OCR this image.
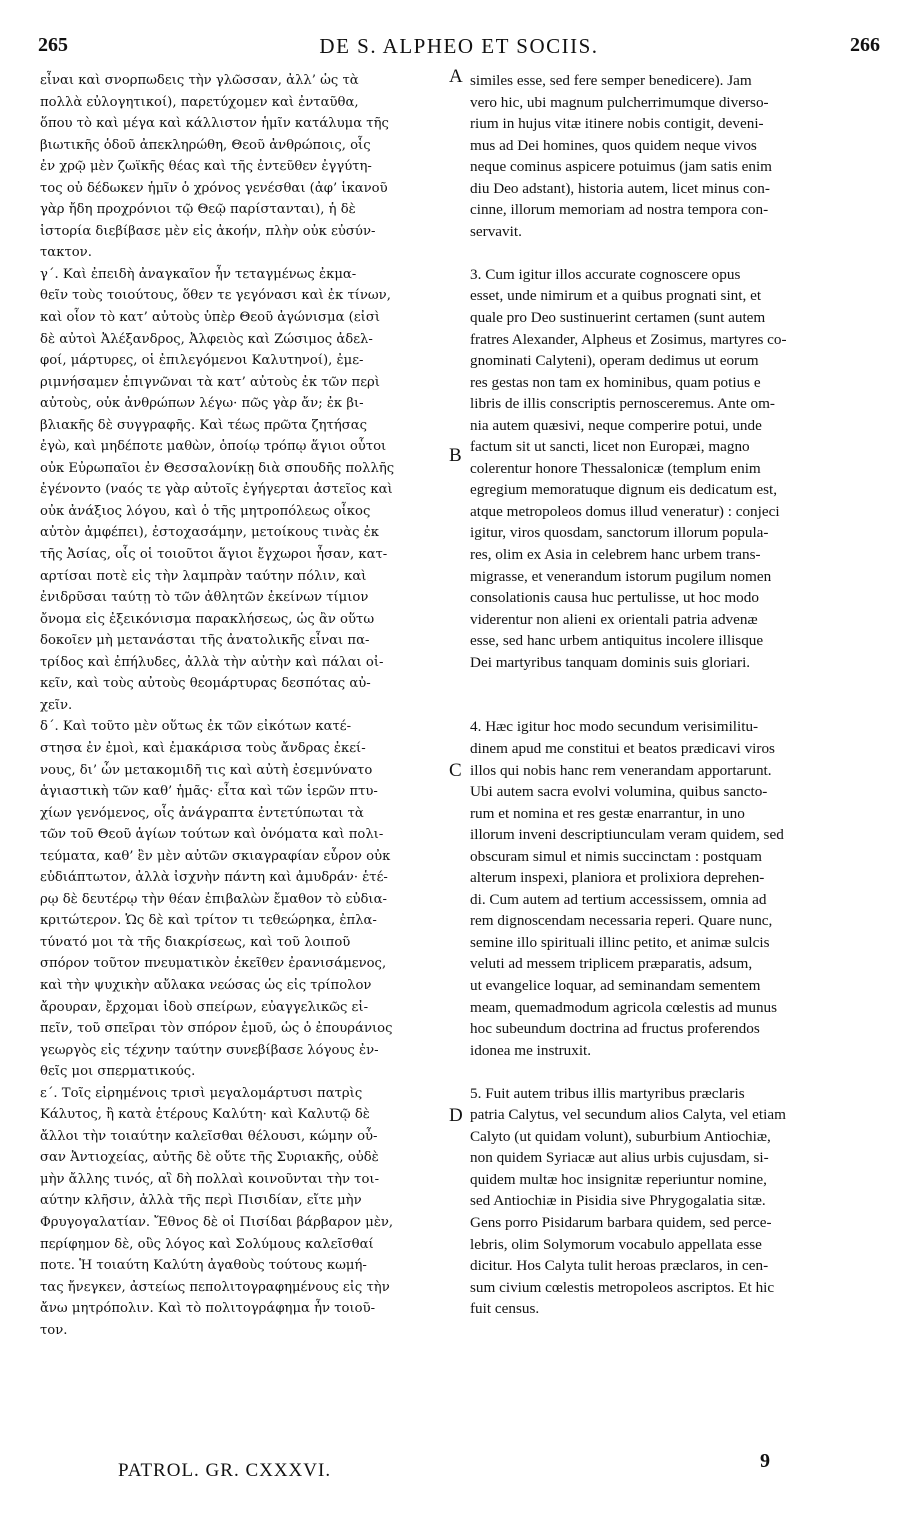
265	DE S. ALPHEO ET SOCIIS.	266
εἶναι καὶ σνορπωδεις τὴν γλῶσσαν, ἀλλ’ ὡς τὰ
πολλὰ εὐλογητικοί), παρετύχομεν καὶ ἐνταῦθα,
ὅπου τὸ καὶ μέγα καὶ κάλλιστον ἡμῖν κατάλυμα τῆς
βιωτικῆς ὁδοῦ ἀπεκληρώθη, Θεοῦ ἀνθρώποις, οἷς
ἐν χρῷ μὲν ζωϊκῆς θέας καὶ τῆς ἐντεῦθεν ἐγγύτη-
τος οὐ δέδωκεν ἡμῖν ὁ χρόνος γενέσθαι (ἀφ’ ἱκανοῦ
γὰρ ἤδη προχρόνιοι τῷ Θεῷ παρίστανται), ἡ δὲ
ἱστορία διεβίβασε μὲν εἰς ἀκοήν, πλὴν οὐκ εὐσύν-
τακτον.
γ΄. Καὶ ἐπειδὴ ἀναγκαῖον ἦν τεταγμένως ἐκμα-
θεῖν τοὺς τοιούτους, ὅθεν τε γεγόνασι καὶ ἐκ τίνων,
καὶ οἷον τὸ κατ’ αὐτοὺς ὑπὲρ Θεοῦ ἀγώνισμα (εἰσὶ
δὲ αὐτοὶ Ἀλέξανδρος, Ἀλφειὸς καὶ Ζώσιμος ἀδελ-
φοί, μάρτυρες, οἱ ἐπιλεγόμενοι Καλυτηνοί), ἐμε-
ριμνήσαμεν ἐπιγνῶναι τὰ κατ’ αὐτοὺς ἐκ τῶν περὶ
αὐτοὺς, οὐκ ἀνθρώπων λέγω· πῶς γὰρ ἄν; ἐκ βι-
βλιακῆς δὲ συγγραφῆς. Καὶ τέως πρῶτα ζητήσας
ἐγὼ, καὶ μηδέποτε μαθὼν, ὁποίῳ τρόπῳ ἅγιοι οὗτοι
οὐκ Εὐρωπαῖοι ἐν Θεσσαλονίκῃ διὰ σπουδῆς πολλῆς
ἐγένοντο (ναός τε γὰρ αὐτοῖς ἐγήγερται ἀστεῖος καὶ
οὐκ ἀνάξιος λόγου, καὶ ὁ τῆς μητροπόλεως οἶκος
αὐτὸν ἀμφέπει), ἐστοχασάμην, μετοίκους τινὰς ἐκ
τῆς Ἀσίας, οἷς οἱ τοιοῦτοι ἅγιοι ἔγχωροι ἦσαν, κατ-
αρτίσαι ποτὲ εἰς τὴν λαμπρὰν ταύτην πόλιν, καὶ
ἐνιδρῦσαι ταύτῃ τὸ τῶν ἀθλητῶν ἐκείνων τίμιον
ὄνομα εἰς ἐξεικόνισμα παρακλήσεως, ὡς ἂν οὕτω
δοκοῖεν μὴ μετανάσται τῆς ἀνατολικῆς εἶναι πα-
τρίδος καὶ ἐπήλυδες, ἀλλὰ τὴν αὐτὴν καὶ πάλαι οἰ-
κεῖν, καὶ τοὺς αὐτοὺς θεομάρτυρας δεσπότας αὐ-
χεῖν.
δ΄. Καὶ τοῦτο μὲν οὕτως ἐκ τῶν εἰκότων κατέ-
στησα ἐν ἐμοὶ, καὶ ἐμακάρισα τοὺς ἄνδρας ἐκεί-
νους, δι’ ὧν μετακομιδῆ τις καὶ αὐτὴ ἐσεμνύνατο
ἁγιαστικὴ τῶν καθ’ ἡμᾶς· εἶτα καὶ τῶν ἱερῶν πτυ-
χίων γενόμενος, οἷς ἀνάγραπτα ἐντετύπωται τὰ
τῶν τοῦ Θεοῦ ἁγίων τούτων καὶ ὀνόματα καὶ πολι-
τεύματα, καθ’ ἓν μὲν αὐτῶν σκιαγραφίαν εὗρον οὐκ
εὐδιάπτωτον, ἀλλὰ ἰσχνὴν πάντη καὶ ἀμυδράν· ἑτέ-
ρῳ δὲ δευτέρῳ τὴν θέαν ἐπιβαλὼν ἔμαθον τὸ εὐδια-
κριτώτερον. Ὡς δὲ καὶ τρίτον τι τεθεώρηκα, ἐπλα-
τύνατό μοι τὰ τῆς διακρίσεως, καὶ τοῦ λοιποῦ
σπόρον τοῦτον πνευματικὸν ἐκεῖθεν ἐρανισάμενος,
καὶ τὴν ψυχικὴν αὔλακα νεώσας ὡς εἰς τρίπολον
ἄρουραν, ἔρχομαι ἰδοὺ σπείρων, εὐαγγελικῶς εἰ-
πεῖν, τοῦ σπεῖραι τὸν σπόρον ἐμοῦ, ὡς ὁ ἐπουράνιος
γεωργὸς εἰς τέχνην ταύτην συνεβίβασε λόγους ἐν-
θεῖς μοι σπερματικούς.
ε΄. Τοῖς εἰρημένοις τρισὶ μεγαλομάρτυσι πατρὶς
Κάλυτος, ἢ κατὰ ἑτέρους Καλύτη· καὶ Καλυτῷ δὲ
ἄλλοι τὴν τοιαύτην καλεῖσθαι θέλουσι, κώμην οὖ-
σαν Ἀντιοχείας, αὐτῆς δὲ οὔτε τῆς Συριακῆς, οὐδὲ
μὴν ἄλλης τινός, αἳ δὴ πολλαὶ κοινοῦνται τὴν τοι-
αύτην κλῆσιν, ἀλλὰ τῆς περὶ Πισιδίαν, εἴτε μὴν
Φρυγογαλατίαν. Ἔθνος δὲ οἱ Πισίδαι βάρβαρον μὲν,
περίφημον δὲ, οὓς λόγος καὶ Σολύμους καλεῖσθαί
ποτε. Ἡ τοιαύτη Καλύτη ἀγαθοὺς τούτους κωμή-
τας ἤνεγκεν, ἀστείως πεπολιτογραφημένους εἰς τὴν
ἄνω μητρόπολιν. Καὶ τὸ πολιτογράφημα ἦν τοιοῦ-
τον.
similes esse, sed fere semper benedicere). Jam
vero hic, ubi magnum pulcherrimumque diverso-
rium in hujus vitæ itinere nobis contigit, deveni-
mus ad Dei homines, quos quidem neque vivos
neque cominus aspicere potuimus (jam satis enim
diu Deo adstant), historia autem, licet minus con-
cinne, illorum memoriam ad nostra tempora con-
servavit.
3. Cum igitur illos accurate cognoscere opus
esset, unde nimirum et a quibus prognati sint, et
quale pro Deo sustinuerint certamen (sunt autem
fratres Alexander, Alpheus et Zosimus, martyres co-
gnominati Calyteni), operam dedimus ut eorum
res gestas non tam ex hominibus, quam potius e
libris de illis conscriptis pernosceremus. Ante om-
nia autem quæsivi, neque comperire potui, unde
factum sit ut sancti, licet non Europæi, magno
colerentur honore Thessalonicæ (templum enim
egregium memoratuque dignum eis dedicatum est,
atque metropoleos domus illud veneratur) : conjeci
igitur, viros quosdam, sanctorum illorum popula-
res, olim ex Asia in celebrem hanc urbem trans-
migrasse, et venerandum istorum pugilum nomen
consolationis causa huc pertulisse, ut hoc modo
viderentur non alieni ex orientali patria advenæ
esse, sed hanc urbem antiquitus incolere illisque
Dei martyribus tanquam dominis suis gloriari.
4. Hæc igitur hoc modo secundum verisimilitu-
dinem apud me constitui et beatos prædicavi viros
illos qui nobis hanc rem venerandam apportarunt.
Ubi autem sacra evolvi volumina, quibus sancto-
rum et nomina et res gestæ enarrantur, in uno
illorum inveni descriptiunculam veram quidem, sed
obscuram simul et nimis succinctam : postquam
alterum inspexi, planiora et prolixiora deprehen-
di. Cum autem ad tertium accessissem, omnia ad
rem dignoscendam necessaria reperi. Quare nunc,
semine illo spirituali illinc petito, et animæ sulcis
veluti ad messem triplicem præparatis, adsum,
ut evangelice loquar, ad seminandam sementem
meam, quemadmodum agricola cœlestis ad munus
hoc subeundum doctrina ad fructus proferendos
idonea me instruxit.
5. Fuit autem tribus illis martyribus præclaris
patria Calytus, vel secundum alios Calyta, vel etiam
Calyto (ut quidam volunt), suburbium Antiochiæ,
non quidem Syriacæ aut alius urbis cujusdam, si-
quidem multæ hoc insignitæ reperiuntur nomine,
sed Antiochiæ in Pisidia sive Phrygogalatia sitæ.
Gens porro Pisidarum barbara quidem, sed perce-
lebris, olim Solymorum vocabulo appellata esse
dicitur. Hos Calyta tulit heroas præclaros, in cen-
sum civium cœlestis metropoleos ascriptos. Et hic
fuit census.
A
B
C
D
PATROL. GR. CXXXVI.	9
